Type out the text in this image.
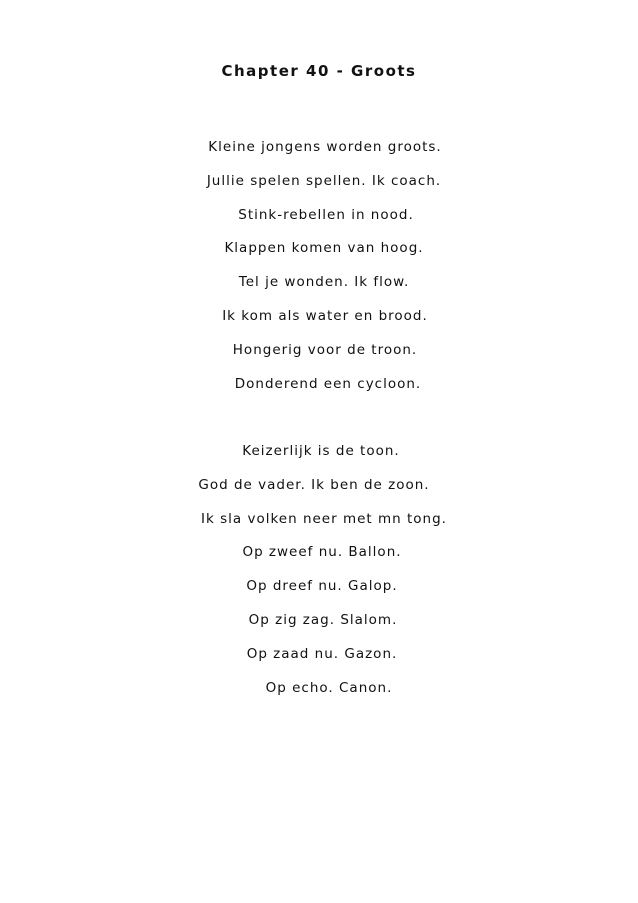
Chapter 40 - Groots
Kleine jongens worden groots.
Jullie spelen spellen. Ik coach.
Stink-rebellen in nood.
Klappen komen van hoog.
Tel je wonden. Ik flow.
Ik kom als water en brood.
Hongerig voor de troon.
Donderend een cycloon.
Keizerlijk is de toon.
God de vader. Ik ben de zoon.
Ik sla volken neer met mn tong.
Op zweef nu. Ballon.
Op dreef nu. Galop.
Op zig zag. Slalom.
Op zaad nu. Gazon.
Op echo. Canon.
